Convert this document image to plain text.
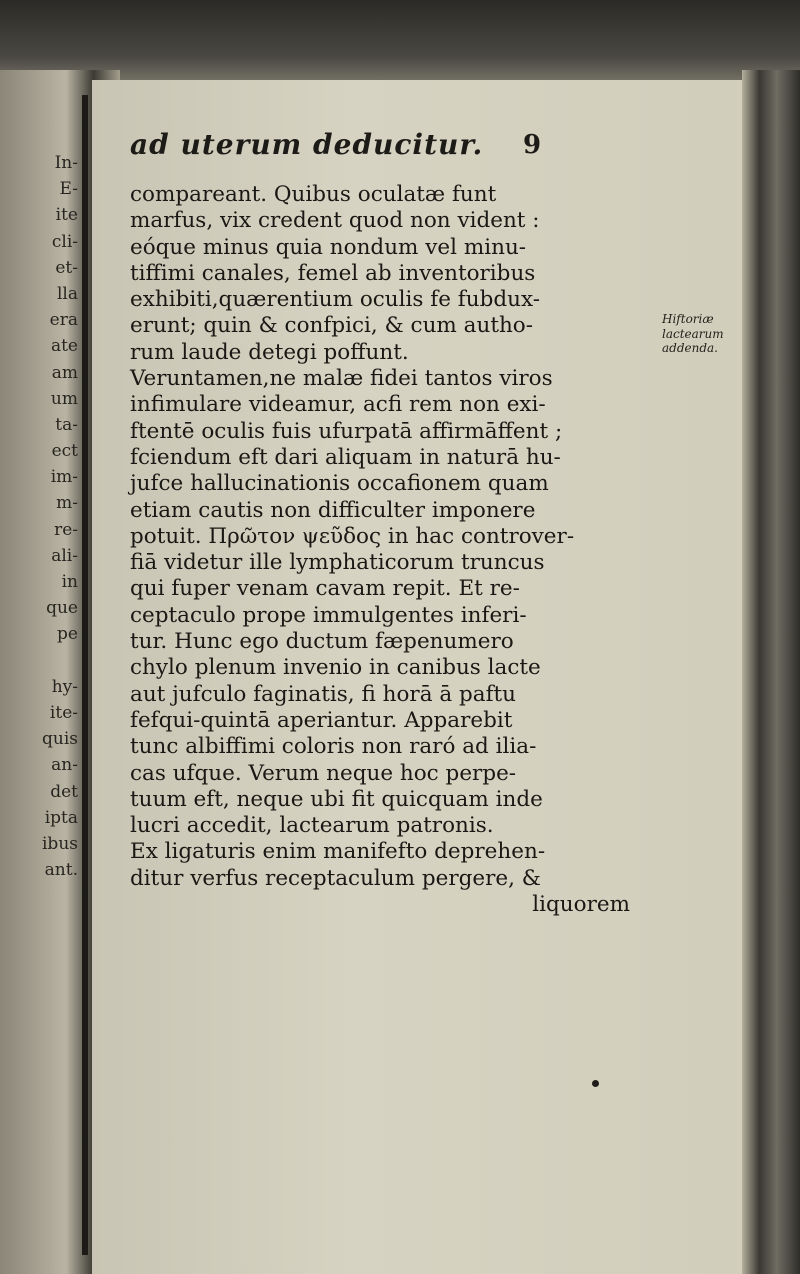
In-
E-
ite
cli-
et-
lla
era
ate
am
um
ta-
ect
im-
m-
re-
ali-
in
que
pe
hy-
ite-
quis
an-
det
ipta
ibus
ant.
ad uterum deducitur.	9
compareant. Quibus oculatæ funt
marfus, vix credent quod non vident :
eóque minus quia nondum vel minu-
tiffimi canales, femel ab inventoribus
exhibiti,quærentium oculis fe fubdux-
erunt; quin & confpici, & cum autho-
rum laude detegi poffunt.
Veruntamen,ne malæ fidei tantos viros
infimulare videamur, acfi rem non exi-
ftentē oculis fuis ufurpatā affirmāffent ;
fciendum eft dari aliquam in naturā hu-
jufce hallucinationis occafionem quam
etiam cautis non difficulter imponere
potuit. Πρῶτον ψεῦδος in hac controver-
fiā videtur ille lymphaticorum truncus
qui fuper venam cavam repit. Et re-
ceptaculo prope immulgentes inferi-
tur. Hunc ego ductum fæpenumero
chylo plenum invenio in canibus lacte
aut jufculo faginatis, fi horā ā paftu
fefqui-quintā aperiantur. Apparebit
tunc albiffimi coloris non raró ad ilia-
cas ufque. Verum neque hoc perpe-
tuum eft, neque ubi fit quicquam inde
lucri accedit, lactearum patronis.
Ex ligaturis enim manifefto deprehen-
ditur verfus receptaculum pergere, &
liquorem
Hiftoriæ
lactearum
addenda.
